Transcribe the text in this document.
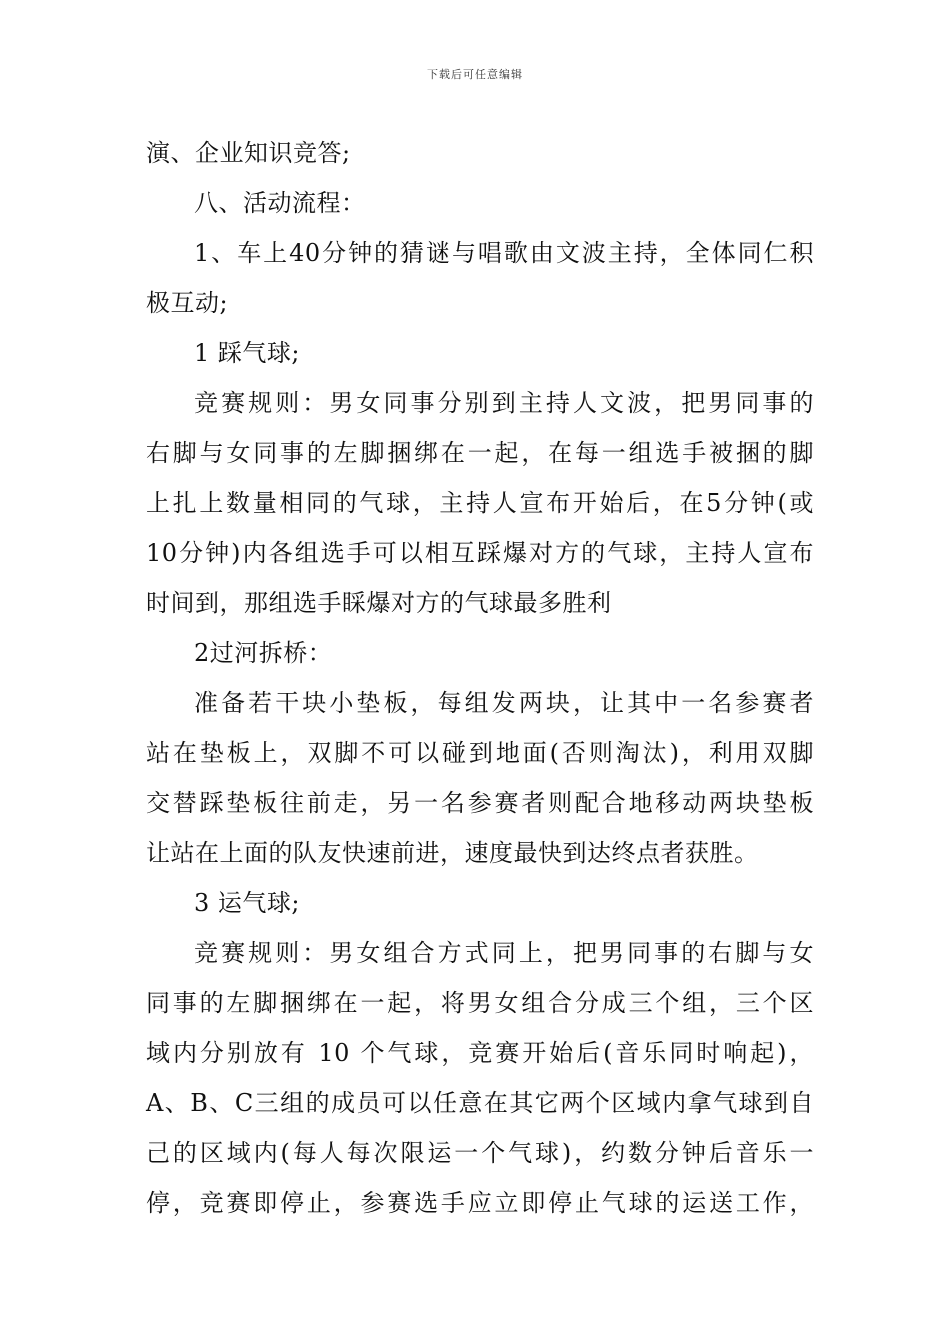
下载后可任意编辑
演、企业知识竞答;
八、活动流程：
1、车上40分钟的猜谜与唱歌由文波主持，全体同仁积
极互动;
1 踩气球;
竞赛规则：男女同事分别到主持人文波，把男同事的
右脚与女同事的左脚捆绑在一起，在每一组选手被捆的脚
上扎上数量相同的气球，主持人宣布开始后，在5分钟(或
10分钟)内各组选手可以相互踩爆对方的气球，主持人宣布
时间到，那组选手睬爆对方的气球最多胜利
2过河拆桥：
准备若干块小垫板，每组发两块，让其中一名参赛者
站在垫板上，双脚不可以碰到地面(否则淘汰)，利用双脚
交替踩垫板往前走，另一名参赛者则配合地移动两块垫板
让站在上面的队友快速前进，速度最快到达终点者获胜。
3 运气球;
竞赛规则：男女组合方式同上，把男同事的右脚与女
同事的左脚捆绑在一起，将男女组合分成三个组，三个区
域内分别放有 10 个气球，竞赛开始后(音乐同时响起)，
A、B、C三组的成员可以任意在其它两个区域内拿气球到自
己的区域内(每人每次限运一个气球)，约数分钟后音乐一
停，竞赛即停止，参赛选手应立即停止气球的运送工作，
